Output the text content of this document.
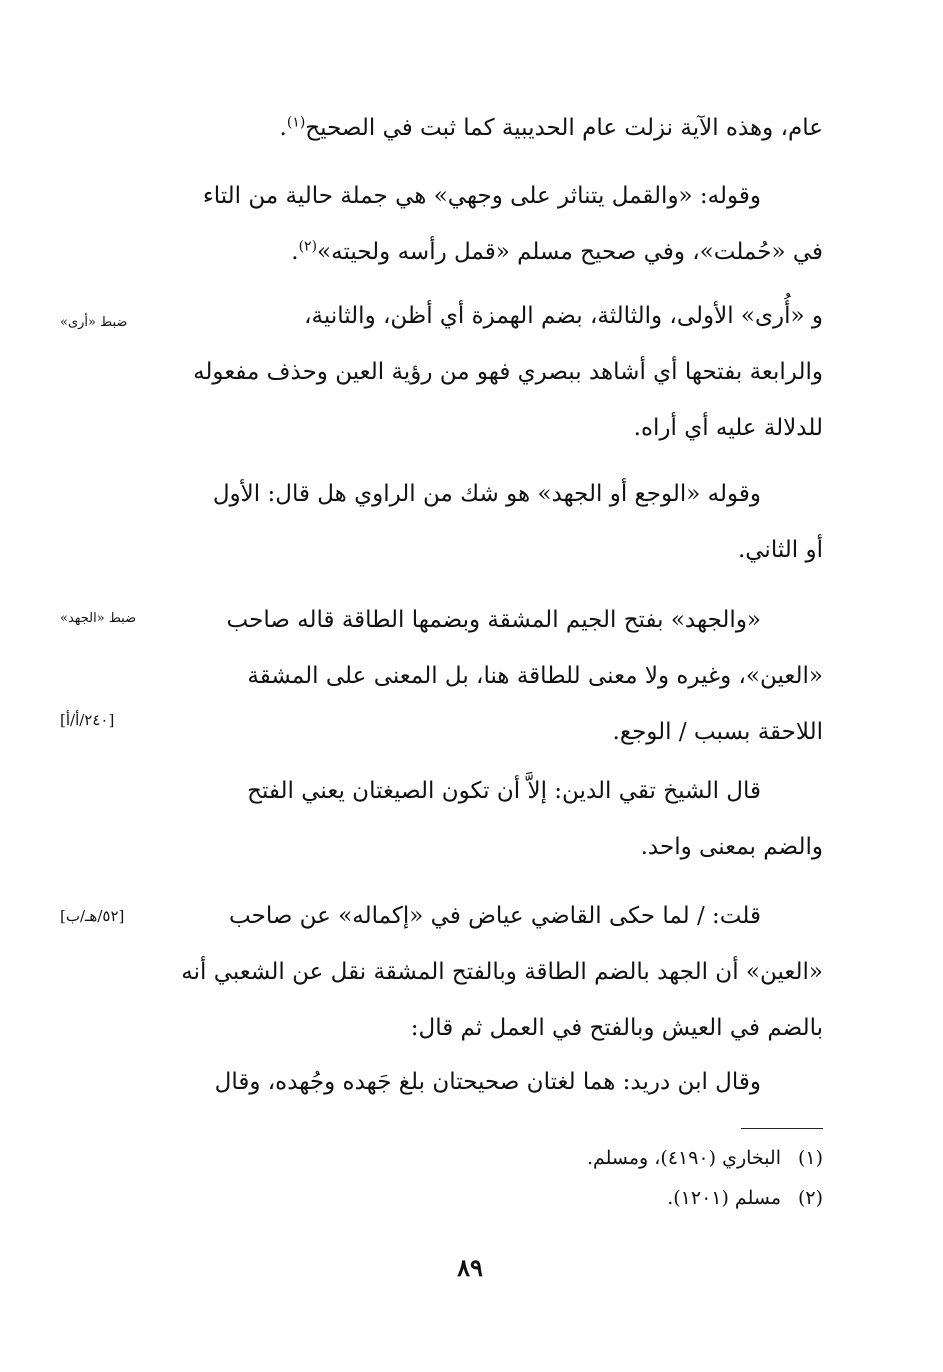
عام، وهذه الآية نزلت عام الحديبية كما ثبت في الصحيح$^{(١)}$.
وقوله: «والقمل يتناثر على وجهي» هي جملة حالية من التاء
في «حُملت»، وفي صحيح مسلم «قمل رأسه ولحيته»$^{(٢)}$.
و «أُرى» الأولى، والثالثة، بضم الهمزة أي أظن، والثانية،
والرابعة بفتحها أي أشاهد ببصري فهو من رؤية العين وحذف مفعوله
للدلالة عليه أي أراه.
ضبط «أرى»
وقوله «الوجع أو الجهد» هو شك من الراوي هل قال: الأول
أو الثاني.
«والجهد» بفتح الجيم المشقة وبضمها الطاقة قاله صاحب
«العين»، وغيره ولا معنى للطاقة هنا، بل المعنى على المشقة
اللاحقة بسبب / الوجع.
ضبط «الجهد»
[٢٤٠/أ/أ]
قال الشيخ تقي الدين: إلاَّ أن تكون الصيغتان يعني الفتح
والضم بمعنى واحد.
قلت: / لما حكى القاضي عياض في «إكماله» عن صاحب
«العين» أن الجهد بالضم الطاقة وبالفتح المشقة نقل عن الشعبي أنه
بالضم في العيش وبالفتح في العمل ثم قال:
[٥٢/هـ/ب]
وقال ابن دريد: هما لغتان صحيحتان بلغ جَهده وجُهده، وقال
(١)البخاري (٤١٩٠)، ومسلم.
(٢)مسلم (١٢٠١).
٨٩
